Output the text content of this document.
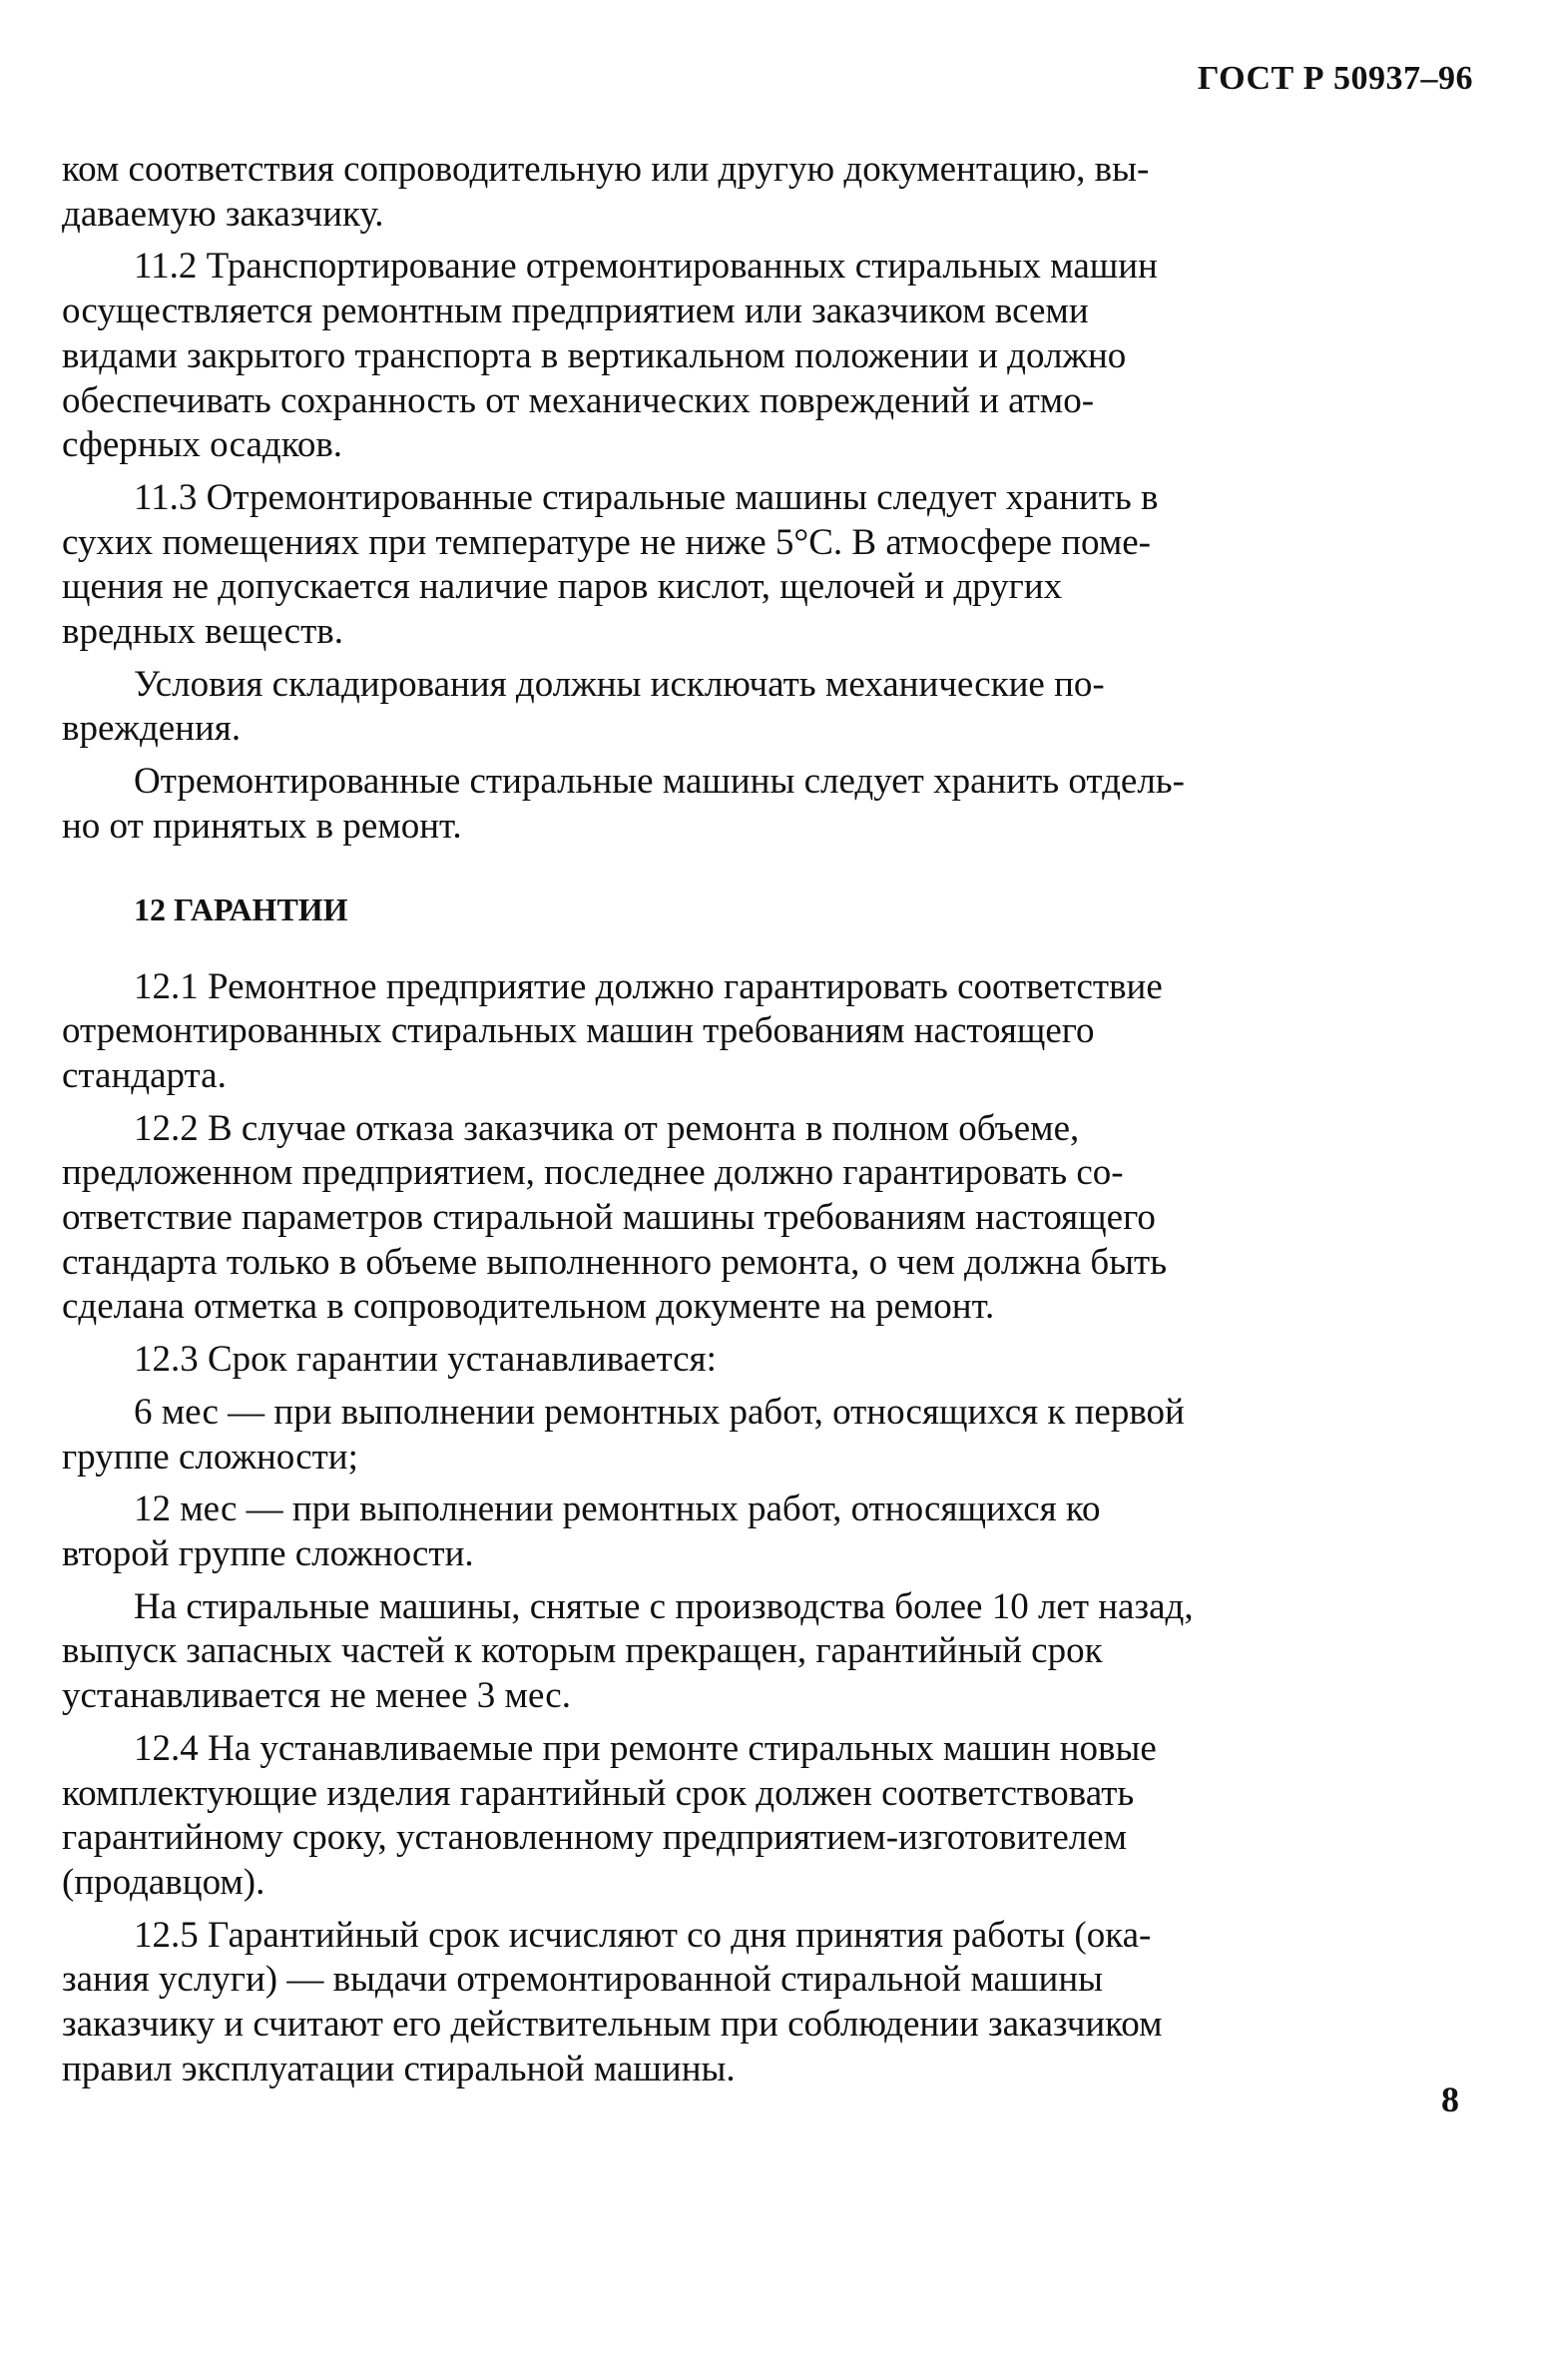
ГОСТ Р 50937–96
ком соответствия сопроводительную или другую документацию, вы-
даваемую заказчику.
11.2 Транспортирование отремонтированных стиральных машин
осуществляется ремонтным предприятием или заказчиком всеми
видами закрытого транспорта в вертикальном положении и должно
обеспечивать сохранность от механических повреждений и атмо-
сферных осадков.
11.3 Отремонтированные стиральные машины следует хранить в
сухих помещениях при температуре не ниже 5°С. В атмосфере поме-
щения не допускается наличие паров кислот, щелочей и других
вредных веществ.
Условия складирования должны исключать механические по-
вреждения.
Отремонтированные стиральные машины следует хранить отдель-
но от принятых в ремонт.
12 ГАРАНТИИ
12.1 Ремонтное предприятие должно гарантировать соответствие
отремонтированных стиральных машин требованиям настоящего
стандарта.
12.2 В случае отказа заказчика от ремонта в полном объеме,
предложенном предприятием, последнее должно гарантировать со-
ответствие параметров стиральной машины требованиям настоящего
стандарта только в объеме выполненного ремонта, о чем должна быть
сделана отметка в сопроводительном документе на ремонт.
12.3 Срок гарантии устанавливается:
6 мес — при выполнении ремонтных работ, относящихся к первой
группе сложности;
12 мес — при выполнении ремонтных работ, относящихся ко
второй группе сложности.
На стиральные машины, снятые с производства более 10 лет назад,
выпуск запасных частей к которым прекращен, гарантийный срок
устанавливается не менее 3 мес.
12.4 На устанавливаемые при ремонте стиральных машин новые
комплектующие изделия гарантийный срок должен соответствовать
гарантийному сроку, установленному предприятием-изготовителем
(продавцом).
12.5 Гарантийный срок исчисляют со дня принятия работы (ока-
зания услуги) — выдачи отремонтированной стиральной машины
заказчику и считают его действительным при соблюдении заказчиком
правил эксплуатации стиральной машины.
8
